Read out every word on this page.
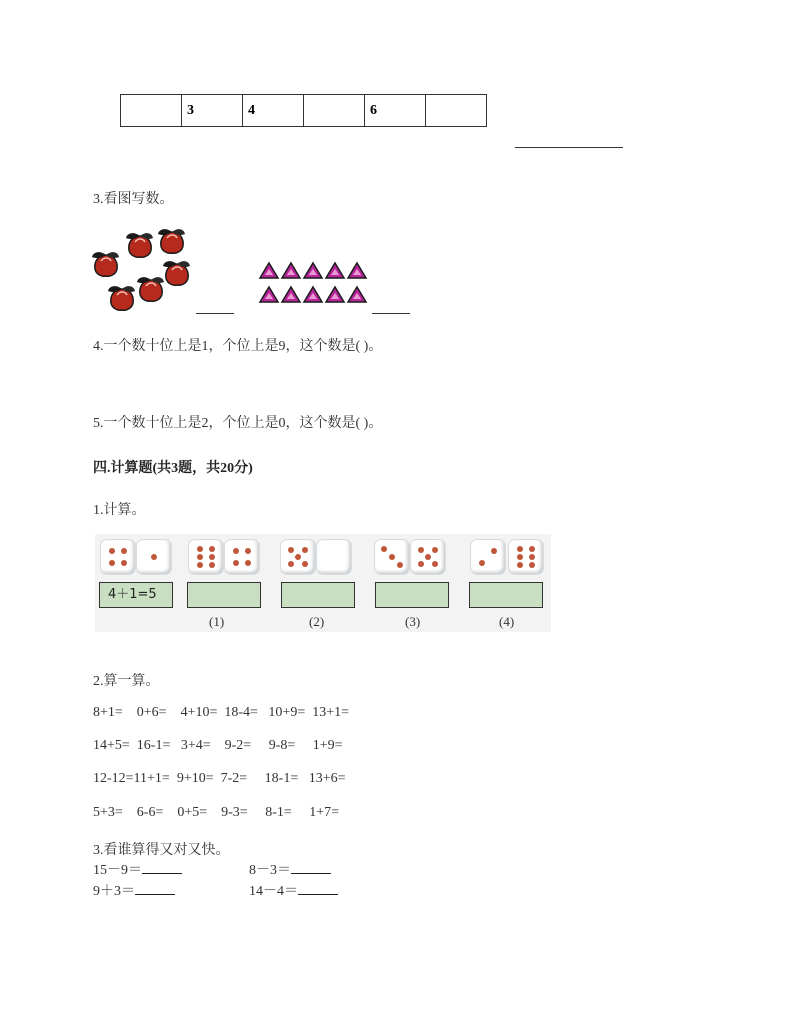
	3	4		6	
3.看图写数。
4.一个数十位上是1，个位上是9，这个数是( )。
5.一个数十位上是2，个位上是0，这个数是( )。
四.计算题(共3题，共20分)
1.计算。
4＋1=5
(1)	(2)	(3)	(4)
2.算一算。
8+1=    0+6=    4+10=  18-4=   10+9=  13+1=
14+5=  16-1=   3+4=    9-2=     9-8=     1+9=
12-12=11+1=  9+10=  7-2=     18-1=   13+6=
5+3=    6-6=    0+5=    9-3=     8-1=     1+7=
3.看谁算得又对又快。
15－9＝	8－3＝
9＋3＝	14－4＝
